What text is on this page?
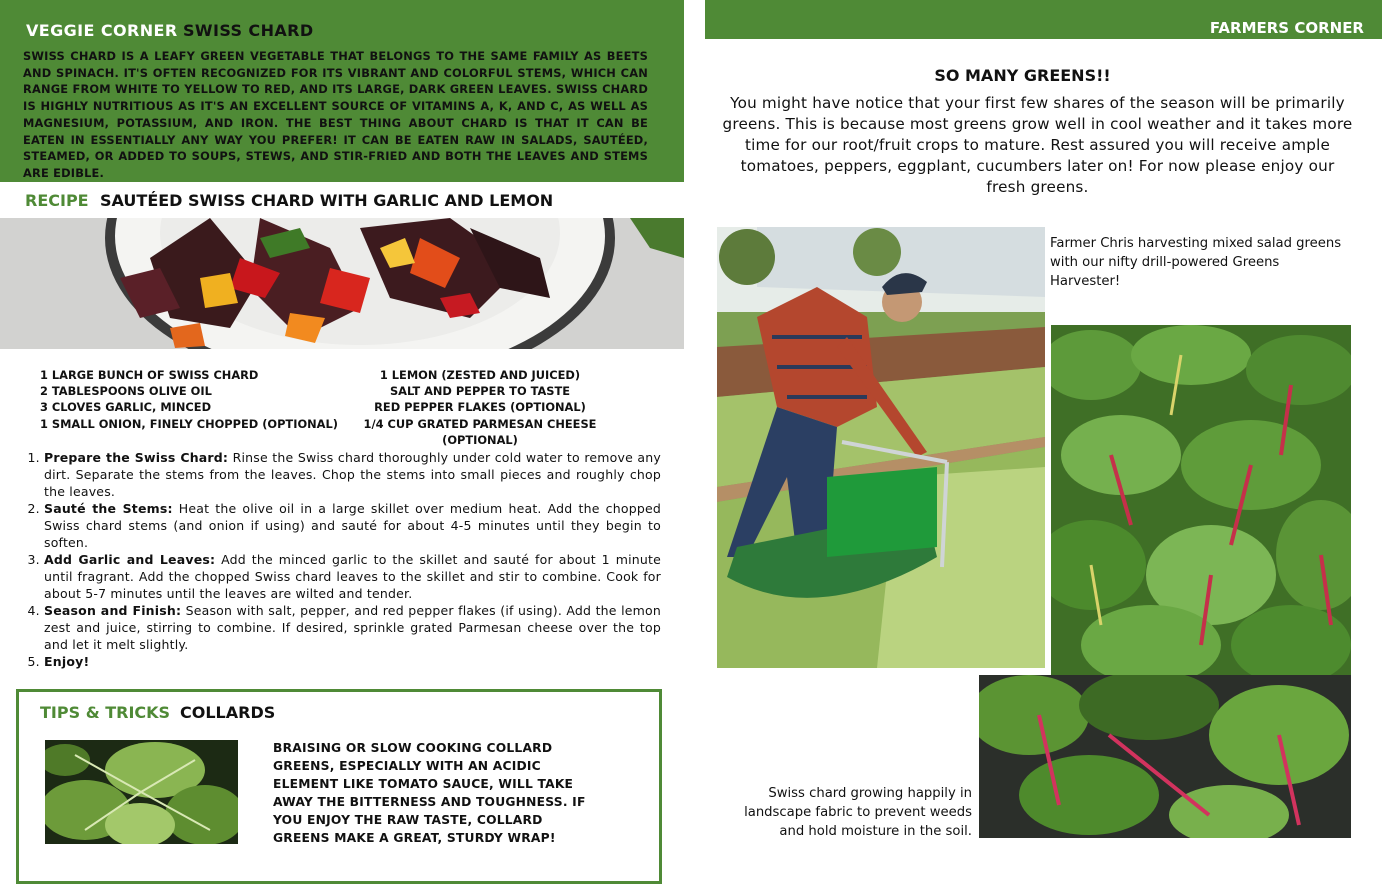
VEGGIE CORNER SWISS CHARD
SWISS CHARD IS A LEAFY GREEN VEGETABLE THAT BELONGS TO THE SAME FAMILY AS BEETS AND SPINACH. IT'S OFTEN RECOGNIZED FOR ITS VIBRANT AND COLORFUL STEMS, WHICH CAN RANGE FROM WHITE TO YELLOW TO RED, AND ITS LARGE, DARK GREEN LEAVES. SWISS CHARD IS HIGHLY NUTRITIOUS AS IT'S AN EXCELLENT SOURCE OF VITAMINS A, K, AND C, AS WELL AS MAGNESIUM, POTASSIUM, AND IRON. THE BEST THING ABOUT CHARD IS THAT IT CAN BE EATEN IN ESSENTIALLY ANY WAY YOU PREFER! IT CAN BE EATEN RAW IN SALADS, SAUTÉED, STEAMED, OR ADDED TO SOUPS, STEWS, AND STIR-FRIED AND BOTH THE LEAVES AND STEMS ARE EDIBLE.
RECIPE SAUTÉED SWISS CHARD WITH GARLIC AND LEMON
1 LARGE BUNCH OF SWISS CHARD
2 TABLESPOONS OLIVE OIL
3 CLOVES GARLIC, MINCED
1 SMALL ONION, FINELY CHOPPED (OPTIONAL)
1 LEMON (ZESTED AND JUICED)
SALT AND PEPPER TO TASTE
RED PEPPER FLAKES (OPTIONAL)
1/4 CUP GRATED PARMESAN CHEESE (OPTIONAL)
1. Prepare the Swiss Chard: Rinse the Swiss chard thoroughly under cold water to remove any dirt. Separate the stems from the leaves. Chop the stems into small pieces and roughly chop the leaves.
2. Sauté the Stems: Heat the olive oil in a large skillet over medium heat. Add the chopped Swiss chard stems (and onion if using) and sauté for about 4-5 minutes until they begin to soften.
3. Add Garlic and Leaves: Add the minced garlic to the skillet and sauté for about 1 minute until fragrant. Add the chopped Swiss chard leaves to the skillet and stir to combine. Cook for about 5-7 minutes until the leaves are wilted and tender.
4. Season and Finish: Season with salt, pepper, and red pepper flakes (if using). Add the lemon zest and juice, stirring to combine. If desired, sprinkle grated Parmesan cheese over the top and let it melt slightly.
5. Enjoy!
TIPS & TRICKS COLLARDS
BRAISING OR SLOW COOKING COLLARD GREENS, ESPECIALLY WITH AN ACIDIC ELEMENT LIKE TOMATO SAUCE, WILL TAKE AWAY THE BITTERNESS AND TOUGHNESS. IF YOU ENJOY THE RAW TASTE, COLLARD GREENS MAKE A GREAT, STURDY WRAP!
FARMERS CORNER
SO MANY GREENS!!
You might have notice that your first few shares of the season will be primarily greens. This is because most greens grow well in cool weather and it takes more time for our root/fruit crops to mature. Rest assured you will receive ample tomatoes, peppers, eggplant, cucumbers later on! For now please enjoy our fresh greens.
Farmer Chris harvesting mixed salad greens with our nifty drill-powered Greens Harvester!
Swiss chard growing happily in landscape fabric to prevent weeds and hold moisture in the soil.
